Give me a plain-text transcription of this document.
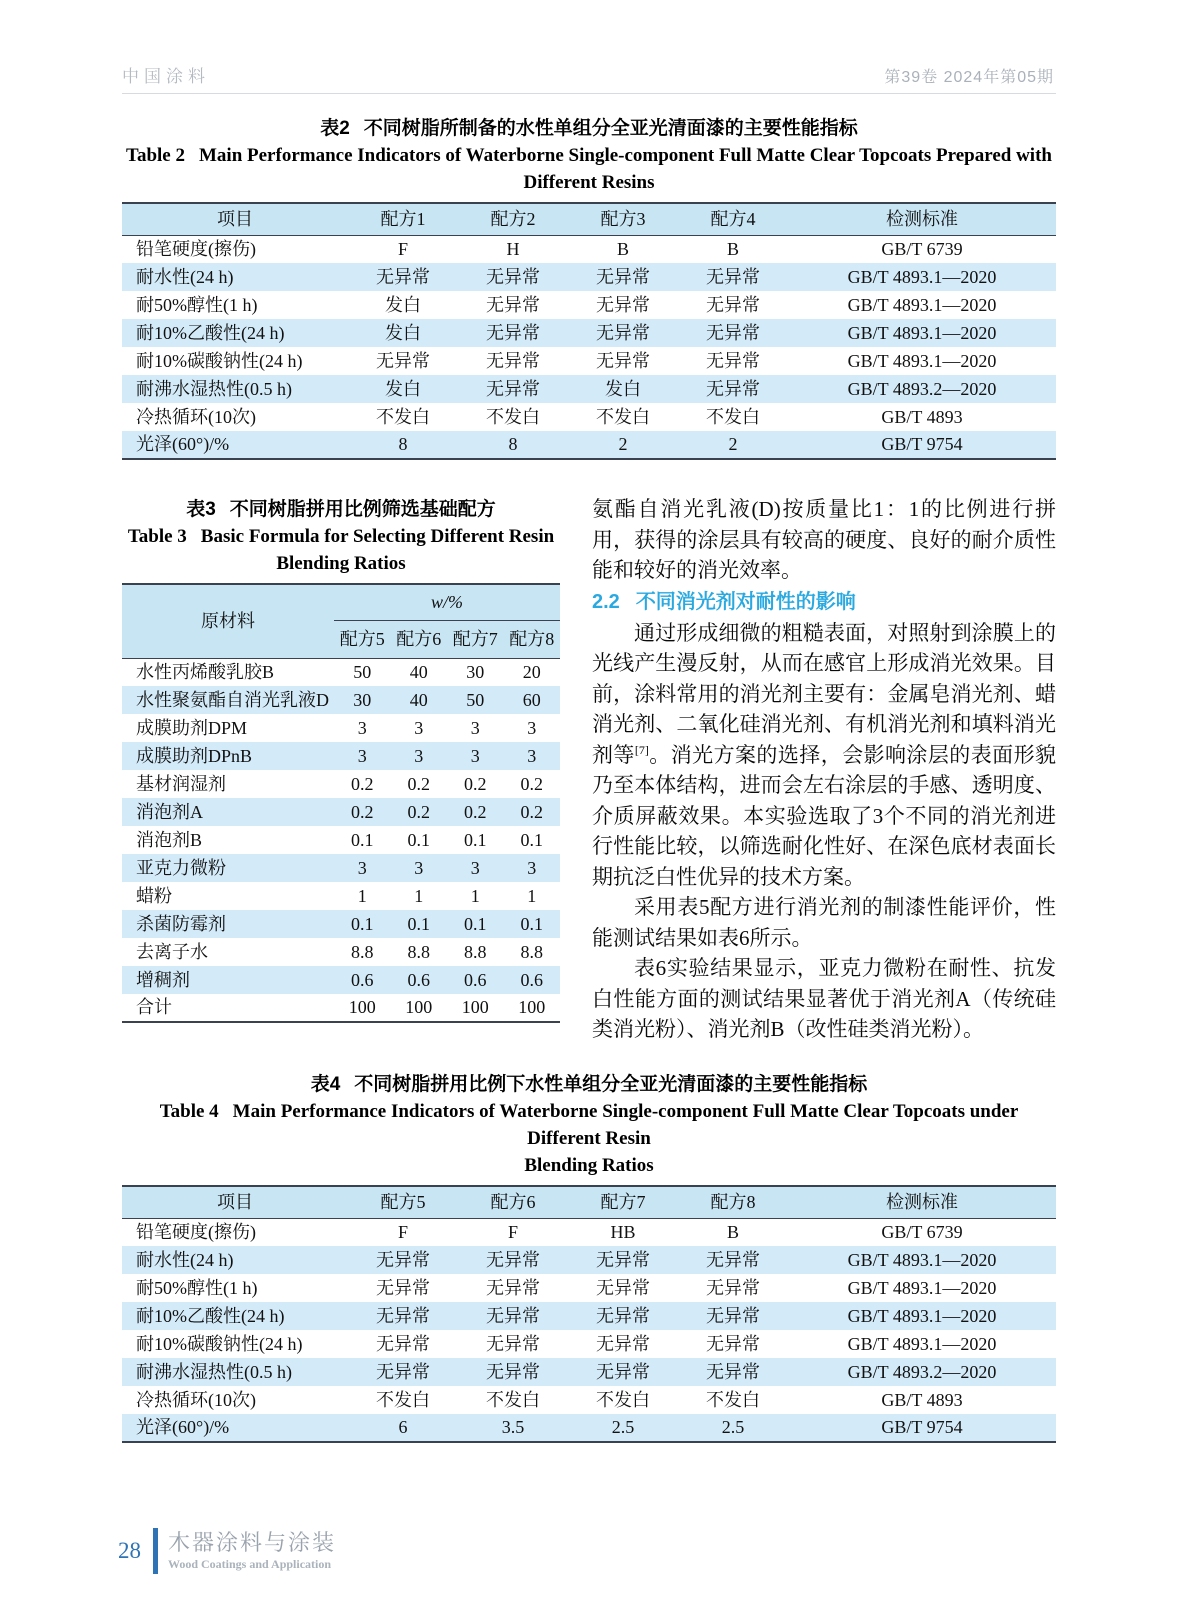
中国涂料	第39卷 2024年第05期
表2 不同树脂所制备的水性单组分全亚光清面漆的主要性能指标
Table 2 Main Performance Indicators of Waterborne Single-component Full Matte Clear Topcoats Prepared with
Different Resins
项目	配方1	配方2	配方3	配方4	检测标准
铅笔硬度(擦伤)	F	H	B	B	GB/T 6739
耐水性(24 h)	无异常	无异常	无异常	无异常	GB/T 4893.1—2020
耐50%醇性(1 h)	发白	无异常	无异常	无异常	GB/T 4893.1—2020
耐10%乙酸性(24 h)	发白	无异常	无异常	无异常	GB/T 4893.1—2020
耐10%碳酸钠性(24 h)	无异常	无异常	无异常	无异常	GB/T 4893.1—2020
耐沸水湿热性(0.5 h)	发白	无异常	发白	无异常	GB/T 4893.2—2020
冷热循环(10次)	不发白	不发白	不发白	不发白	GB/T 4893
光泽(60°)/%	8	8	2	2	GB/T 9754
表3 不同树脂拼用比例筛选基础配方
Table 3 Basic Formula for Selecting Different Resin
Blending Ratios
原材料	w/%			
	配方5	配方6	配方7	配方8
水性丙烯酸乳胶B	50	40	30	20
水性聚氨酯自消光乳液D	30	40	50	60
成膜助剂DPM	3	3	3	3
成膜助剂DPnB	3	3	3	3
基材润湿剂	0.2	0.2	0.2	0.2
消泡剂A	0.2	0.2	0.2	0.2
消泡剂B	0.1	0.1	0.1	0.1
亚克力微粉	3	3	3	3
蜡粉	1	1	1	1
杀菌防霉剂	0.1	0.1	0.1	0.1
去离子水	8.8	8.8	8.8	8.8
增稠剂	0.6	0.6	0.6	0.6
合计	100	100	100	100

氨酯自消光乳液(D)按质量比1：1的比例进行拼用，获得的涂层具有较高的硬度、良好的耐介质性能和较好的消光效率。

2.2 不同消光剂对耐性的影响

通过形成细微的粗糙表面，对照射到涂膜上的光线产生漫反射，从而在感官上形成消光效果。目前，涂料常用的消光剂主要有：金属皂消光剂、蜡消光剂、二氧化硅消光剂、有机消光剂和填料消光剂等[7]。消光方案的选择，会影响涂层的表面形貌乃至本体结构，进而会左右涂层的手感、透明度、介质屏蔽效果。本实验选取了3个不同的消光剂进行性能比较，以筛选耐化性好、在深色底材表面长期抗泛白性优异的技术方案。

采用表5配方进行消光剂的制漆性能评价，性能测试结果如表6所示。

表6实验结果显示，亚克力微粉在耐性、抗发白性能方面的测试结果显著优于消光剂A（传统硅类消光粉）、消光剂B（改性硅类消光粉）。

表4 不同树脂拼用比例下水性单组分全亚光清面漆的主要性能指标
Table 4 Main Performance Indicators of Waterborne Single-component Full Matte Clear Topcoats under Different Resin
Blending Ratios
项目	配方5	配方6	配方7	配方8	检测标准
铅笔硬度(擦伤)	F	F	HB	B	GB/T 6739
耐水性(24 h)	无异常	无异常	无异常	无异常	GB/T 4893.1—2020
耐50%醇性(1 h)	无异常	无异常	无异常	无异常	GB/T 4893.1—2020
耐10%乙酸性(24 h)	无异常	无异常	无异常	无异常	GB/T 4893.1—2020
耐10%碳酸钠性(24 h)	无异常	无异常	无异常	无异常	GB/T 4893.1—2020
耐沸水湿热性(0.5 h)	无异常	无异常	无异常	无异常	GB/T 4893.2—2020
冷热循环(10次)	不发白	不发白	不发白	不发白	GB/T 4893
光泽(60°)/%	6	3.5	2.5	2.5	GB/T 9754
28 木器涂料与涂装
Wood Coatings and Application
